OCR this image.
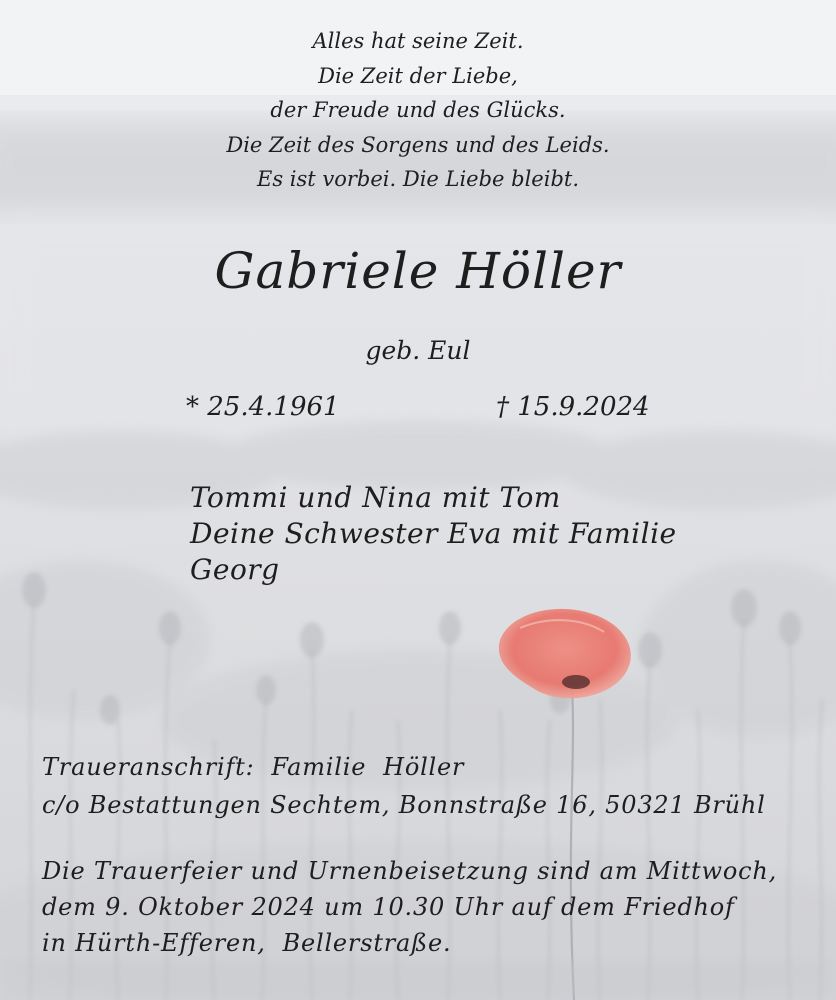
Alles hat seine Zeit.
Die Zeit der Liebe,
der Freude und des Glücks.
Die Zeit des Sorgens und des Leids.
Es ist vorbei. Die Liebe bleibt.
Gabriele Höller
geb. Eul
* 25.4.1961	† 15.9.2024
Tommi und Nina mit Tom
Deine Schwester Eva mit Familie
Georg
Traueranschrift:  Familie  Höller
c/o Bestattungen Sechtem, Bonnstraße 16, 50321 Brühl
Die Trauerfeier und Urnenbeisetzung sind am Mittwoch,
dem 9. Oktober 2024 um 10.30 Uhr auf dem Friedhof
in Hürth-Efferen,  Bellerstraße.
